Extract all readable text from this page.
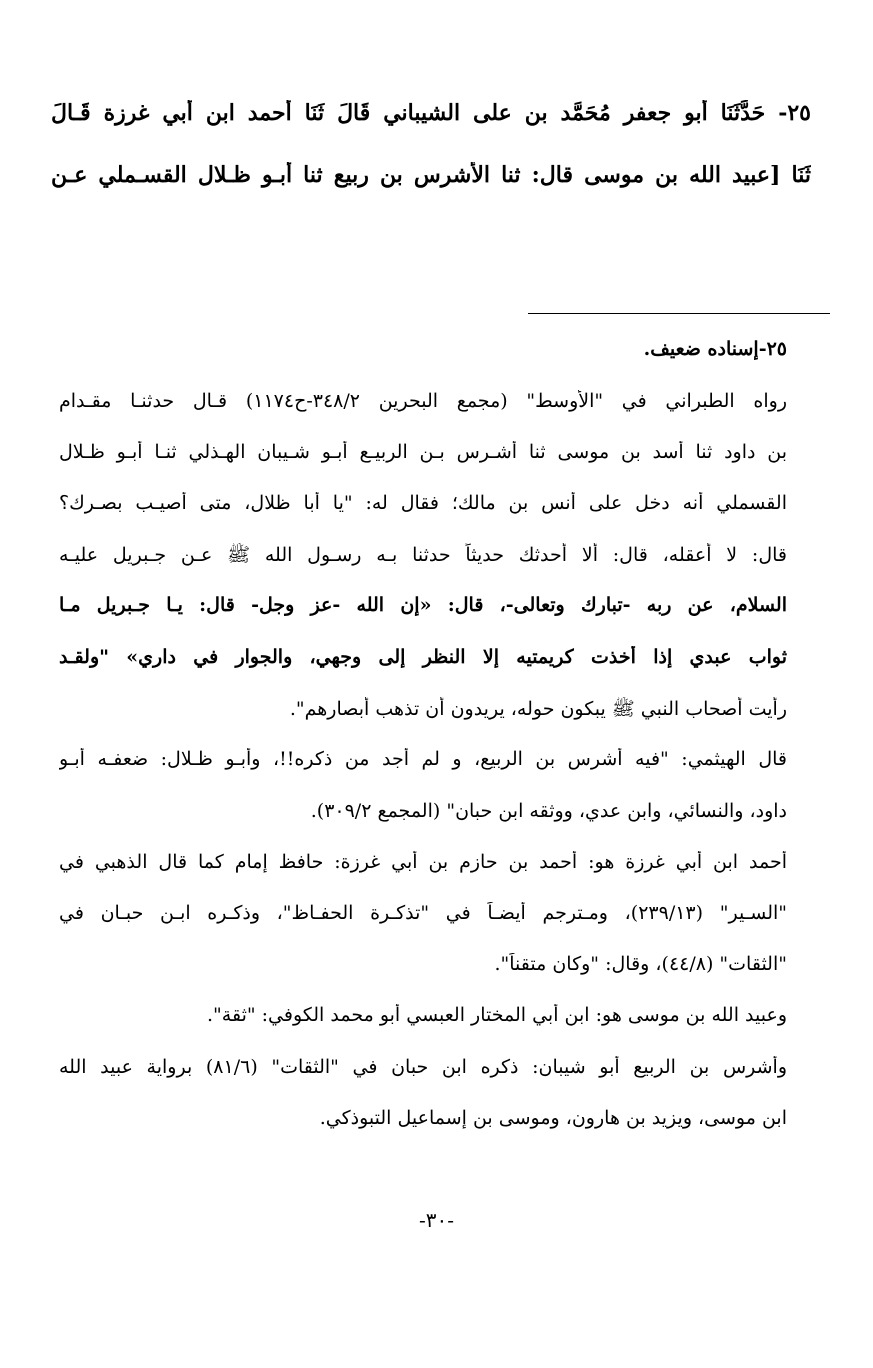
٢٥- حَدَّثَنَا أَبو جعفر مُحَمَّد بن على الشيباني قَالَ ثَنَا أَحمد ابن أبي غرزة قَـالَ
ثَنَا [عبيد الله بن موسى قال: ثنا الأشرس بن ربيع ثنا أبـو ظـلال القسـملي عـن
٢٥-إسناده ضعيف.
رواه الطبراني في "الأوسط" (مجمع البحرين ٣٤٨/٢-ح١١٧٤) قـال حدثنـا مقـدام
بن داود ثنا أسد بن موسى ثنا أشـرس بـن الربيـع أبـو شـيبان الهـذلي ثنـا أبـو ظـلال
القسملي أنه دخل على أنس بن مالك؛ فقال له: "يا أبا ظلال، متى أصيـب بصـرك؟
قال: لا أعقله، قال: ألا أحدثك حديثاً حدثنا بـه رسـول الله ﷺ عـن جـبريل عليـه
السلام، عن ربه -تبارك وتعالى-، قال: «إن الله -عز وجل- قال: يـا جـبريل مـا
ثواب عبدي إذا أخذت كريمتيه إلا النظر إلى وجهي، والجوار في داري» "ولقـد
رأيت أصحاب النبي ﷺ يبكون حوله، يريدون أن تذهب أبصارهم".
قال الهيثمي: "فيه أشرس بن الربيع، و لم أجد من ذكره!!، وأبـو ظـلال: ضعفـه أبـو
داود، والنسائي، وابن عدي، ووثقه ابن حبان" (المجمع ٣٠٩/٢).
أحمد ابن أبي غرزة هو: أحمد بن حازم بن أبي غرزة: حافظ إمام كما قال الذهبي في
"السـير" (٢٣٩/١٣)، ومـترجم أيضـاً في "تذكـرة الحفـاظ"، وذكـره ابـن حبـان في
"الثقات" (٤٤/٨)، وقال: "وكان متقناً".
وعبيد الله بن موسى هو: ابن أبي المختار العبسي أبو محمد الكوفي: "ثقة".
وأشرس بن الربيع أبو شيبان: ذكره ابن حبان في "الثقات" (٨١/٦) برواية عبيد الله
ابن موسى، ويزيد بن هارون، وموسى بن إسماعيل التبوذكي.
-٣٠-
